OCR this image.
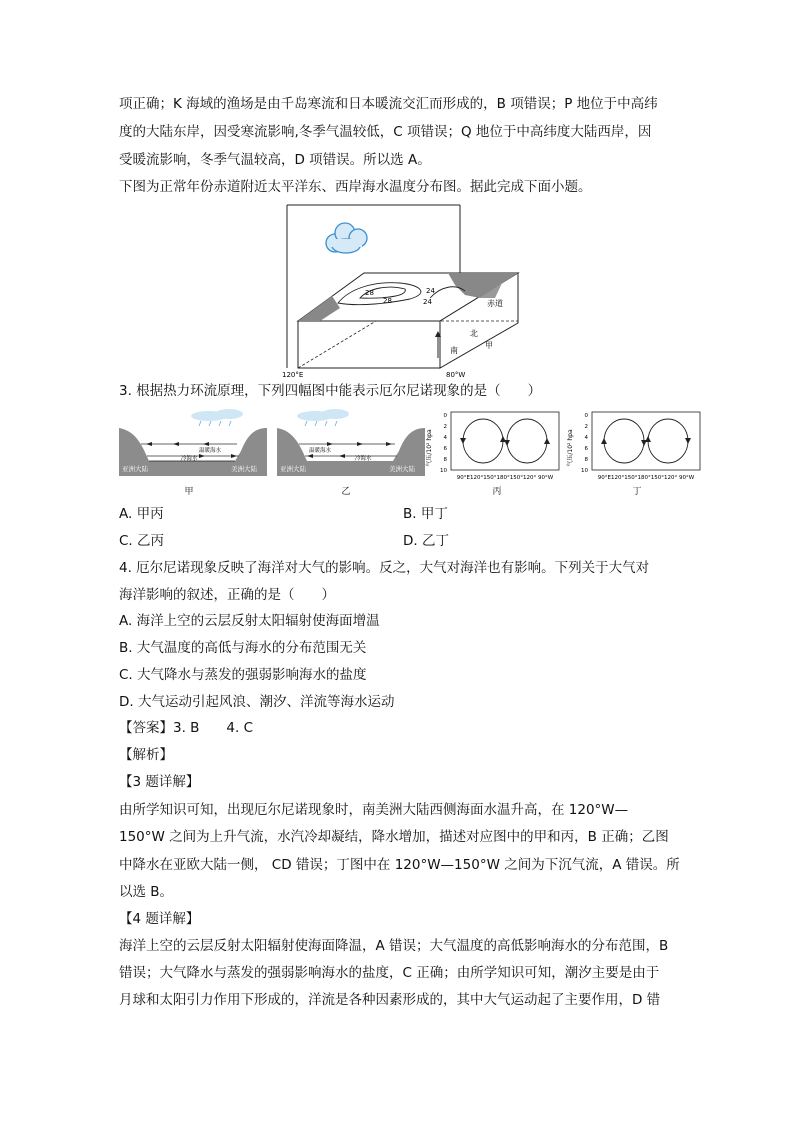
项正确；K 海域的渔场是由千岛寒流和日本暖流交汇而形成的，B 项错误；P 地位于中高纬
度的大陆东岸，因受寒流影响,冬季气温较低，C 项错误；Q 地位于中高纬度大陆西岸，因
受暖流影响，冬季气温较高，D 项错误。所以选 A。
下图为正常年份赤道附近太平洋东、西岸海水温度分布图。据此完成下面小题。
28
28
24
24	赤道
北
南
甲
120°E	80°W
3. 根据热力环流原理，下列四幅图中能表示厄尔尼诺现象的是（　　）
温暖海水
冷海水
亚洲大陆	美洲大陆
甲
温暖海水
冷海水
亚洲大陆	美洲大陆
乙
气压/10² hpa
0
2
4
6
8
10
90°E120°150°180°150°120° 90°W
丙
气压/10² hpa
0
2
4
6
8
10
90°E120°150°180°150°120° 90°W
丁
A. 甲丙	B. 甲丁
C. 乙丙	D. 乙丁
4. 厄尔尼诺现象反映了海洋对大气的影响。反之，大气对海洋也有影响。下列关于大气对
海洋影响的叙述，正确的是（　　）
A. 海洋上空的云层反射太阳辐射使海面增温
B. 大气温度的高低与海水的分布范围无关
C. 大气降水与蒸发的强弱影响海水的盐度
D. 大气运动引起风浪、潮汐、洋流等海水运动
【答案】3. B　　4. C
【解析】
【3 题详解】
由所学知识可知，出现厄尔尼诺现象时，南美洲大陆西侧海面水温升高，在 120°W—
150°W 之间为上升气流，水汽冷却凝结，降水增加，描述对应图中的甲和丙，B 正确；乙图
中降水在亚欧大陆一侧， CD 错误；丁图中在 120°W—150°W 之间为下沉气流，A 错误。所
以选 B。
【4 题详解】
海洋上空的云层反射太阳辐射使海面降温，A 错误；大气温度的高低影响海水的分布范围，B
错误；大气降水与蒸发的强弱影响海水的盐度，C 正确；由所学知识可知，潮汐主要是由于
月球和太阳引力作用下形成的，洋流是各种因素形成的，其中大气运动起了主要作用，D 错
